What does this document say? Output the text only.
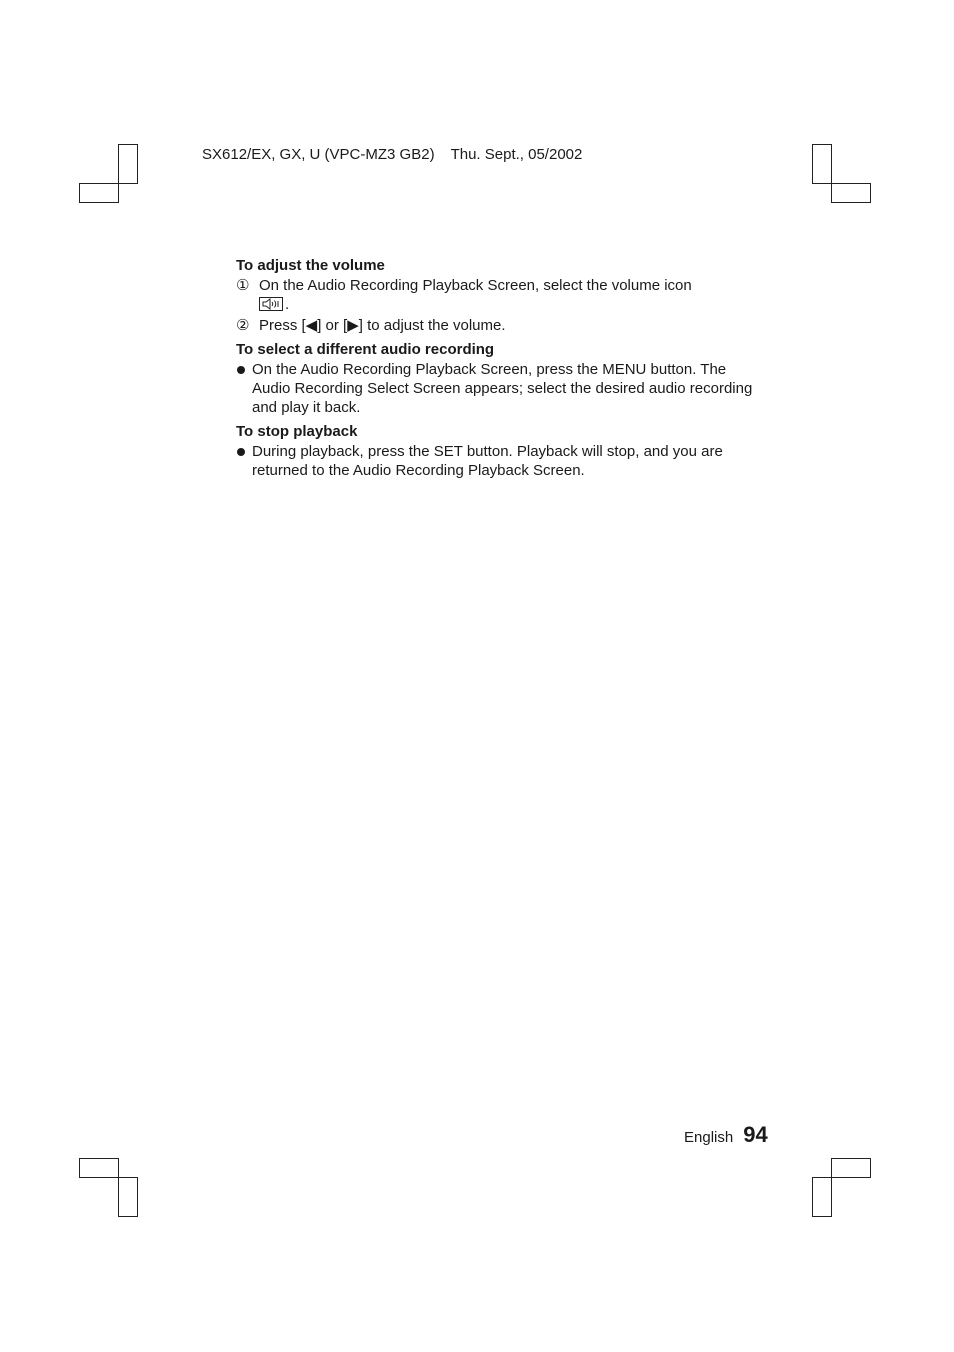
SX612/EX, GX, U (VPC-MZ3 GB2) Thu. Sept., 05/2002

To adjust the volume

① On the Audio Recording Playback Screen, select the volume icon

.
② Press [◀] or [▶] to adjust the volume.

To select a different audio recording

On the Audio Recording Playback Screen, press the MENU button. The Audio Recording Select Screen appears; select the desired audio recording and play it back.

To stop playback

During playback, press the SET button. Playback will stop, and you are returned to the Audio Recording Playback Screen.
English 94
